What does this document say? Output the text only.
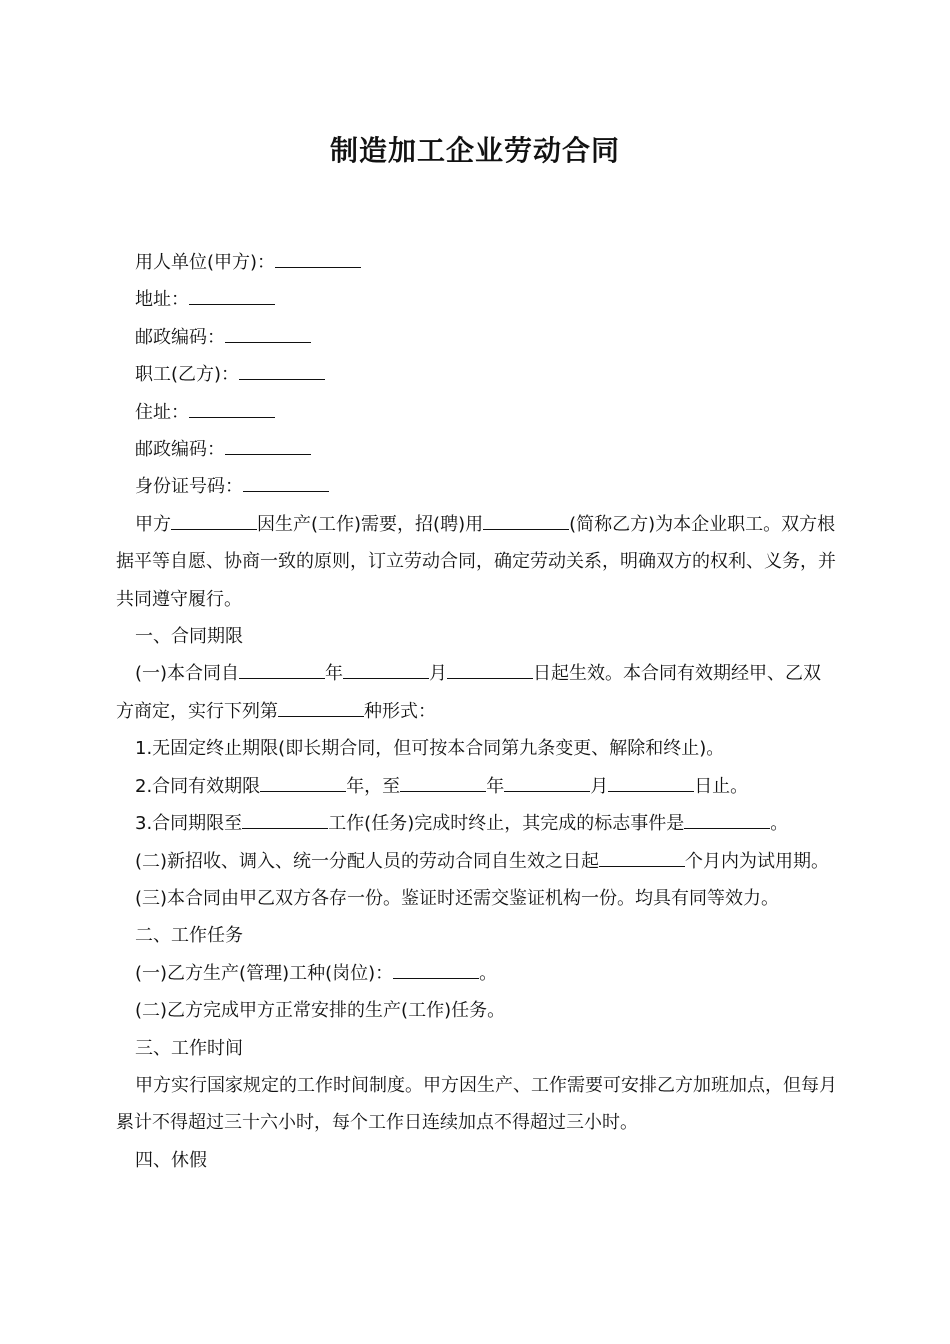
制造加工企业劳动合同

用人单位(甲方)：

地址：

邮政编码：

职工(乙方)：

住址：

邮政编码：

身份证号码：

甲方	因生产(工作)需要，招(聘)用	(简称乙方)为本企业职工。双方根据平等自愿、协商一致的原则，订立劳动合同，确定劳动关系，明确双方的权利、义务，并共同遵守履行。

一、合同期限

(一)本合同自	年	月	日起生效。本合同有效期经甲、乙双方商定，实行下列第	种形式：

1.无固定终止期限(即长期合同，但可按本合同第九条变更、解除和终止)。

2.合同有效期限	年，至	年	月	日止。

3.合同期限至	工作(任务)完成时终止，其完成的标志事件是	。

(二)新招收、调入、统一分配人员的劳动合同自生效之日起	个月内为试用期。

(三)本合同由甲乙双方各存一份。鉴证时还需交鉴证机构一份。均具有同等效力。

二、工作任务

(一)乙方生产(管理)工种(岗位)：	。

(二)乙方完成甲方正常安排的生产(工作)任务。

三、工作时间

甲方实行国家规定的工作时间制度。甲方因生产、工作需要可安排乙方加班加点，但每月累计不得超过三十六小时，每个工作日连续加点不得超过三小时。

四、休假
